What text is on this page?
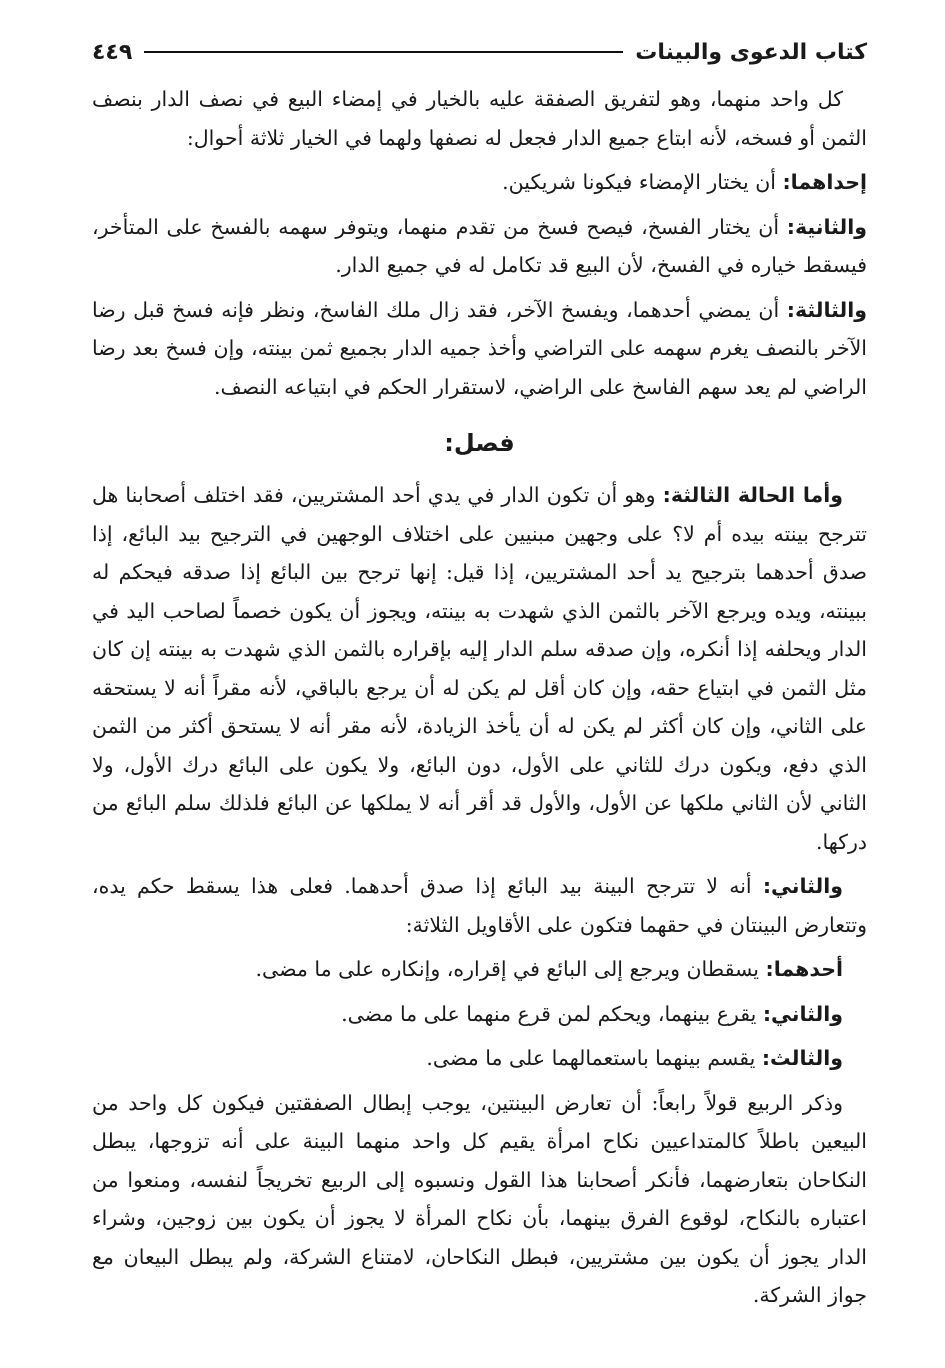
كتاب الدعوى والبينات
٤٤٩

كل واحد منهما، وهو لتفريق الصفقة عليه بالخيار في إمضاء البيع في نصف الدار بنصف الثمن أو فسخه، لأنه ابتاع جميع الدار فجعل له نصفها ولهما في الخيار ثلاثة أحوال:

إحداهما: أن يختار الإمضاء فيكونا شريكين.

والثانية: أن يختار الفسخ، فيصح فسخ من تقدم منهما، ويتوفر سهمه بالفسخ على المتأخر، فيسقط خياره في الفسخ، لأن البيع قد تكامل له في جميع الدار.

والثالثة: أن يمضي أحدهما، ويفسخ الآخر، فقد زال ملك الفاسخ، ونظر فإنه فسخ قبل رضا الآخر بالنصف يغرم سهمه على التراضي وأخذ جميه الدار بجميع ثمن بينته، وإن فسخ بعد رضا الراضي لم يعد سهم الفاسخ على الراضي، لاستقرار الحكم في ابتياعه النصف.

فصل:

وأما الحالة الثالثة: وهو أن تكون الدار في يدي أحد المشتريين، فقد اختلف أصحابنا هل تترجح بينته بيده أم لا؟ على وجهين مبنيين على اختلاف الوجهين في الترجيح بيد البائع، إذا صدق أحدهما بترجيح يد أحد المشتريين، إذا قيل: إنها ترجح بين البائع إذا صدقه فيحكم له ببينته، ويده ويرجع الآخر بالثمن الذي شهدت به بينته، ويجوز أن يكون خصماً لصاحب اليد في الدار ويحلفه إذا أنكره، وإن صدقه سلم الدار إليه بإقراره بالثمن الذي شهدت به بينته إن كان مثل الثمن في ابتياع حقه، وإن كان أقل لم يكن له أن يرجع بالباقي، لأنه مقراً أنه لا يستحقه على الثاني، وإن كان أكثر لم يكن له أن يأخذ الزيادة، لأنه مقر أنه لا يستحق أكثر من الثمن الذي دفع، ويكون درك للثاني على الأول، دون البائع، ولا يكون على البائع درك الأول، ولا الثاني لأن الثاني ملكها عن الأول، والأول قد أقر أنه لا يملكها عن البائع فلذلك سلم البائع من دركها.

والثاني: أنه لا تترجح البينة بيد البائع إذا صدق أحدهما. فعلى هذا يسقط حكم يده، وتتعارض البينتان في حقهما فتكون على الأقاويل الثلاثة:

أحدهما: يسقطان ويرجع إلى البائع في إقراره، وإنكاره على ما مضى.

والثاني: يقرع بينهما، ويحكم لمن قرع منهما على ما مضى.

والثالث: يقسم بينهما باستعمالهما على ما مضى.

وذكر الربيع قولاً رابعاً: أن تعارض البينتين، يوجب إبطال الصفقتين فيكون كل واحد من البيعين باطلاً كالمتداعيين نكاح امرأة يقيم كل واحد منهما البينة على أنه تزوجها، يبطل النكاحان بتعارضهما، فأنكر أصحابنا هذا القول ونسبوه إلى الربيع تخريجاً لنفسه، ومنعوا من اعتباره بالنكاح، لوقوع الفرق بينهما، بأن نكاح المرأة لا يجوز أن يكون بين زوجين، وشراء الدار يجوز أن يكون بين مشتريين، فبطل النكاحان، لامتناع الشركة، ولم يبطل البيعان مع جواز الشركة.
